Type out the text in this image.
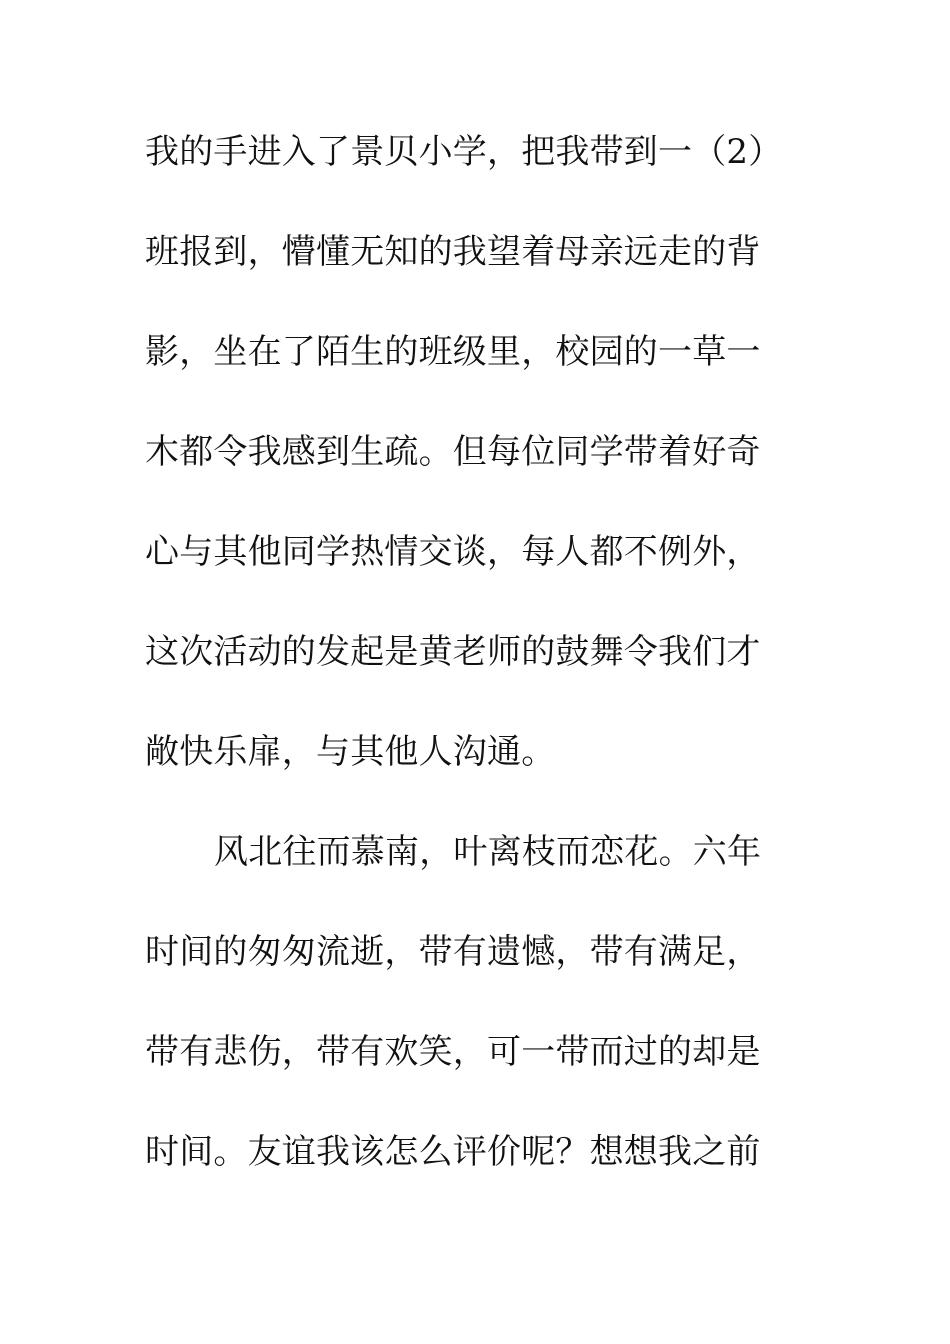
我的手进入了景贝小学，把我带到一（2）
班报到，懵懂无知的我望着母亲远走的背
影，坐在了陌生的班级里，校园的一草一
木都令我感到生疏。但每位同学带着好奇
心与其他同学热情交谈，每人都不例外，
这次活动的发起是黄老师的鼓舞令我们才
敞快乐扉，与其他人沟通。
风北往而慕南，叶离枝而恋花。六年
时间的匆匆流逝，带有遗憾，带有满足，
带有悲伤，带有欢笑，可一带而过的却是
时间。友谊我该怎么评价呢？想想我之前
